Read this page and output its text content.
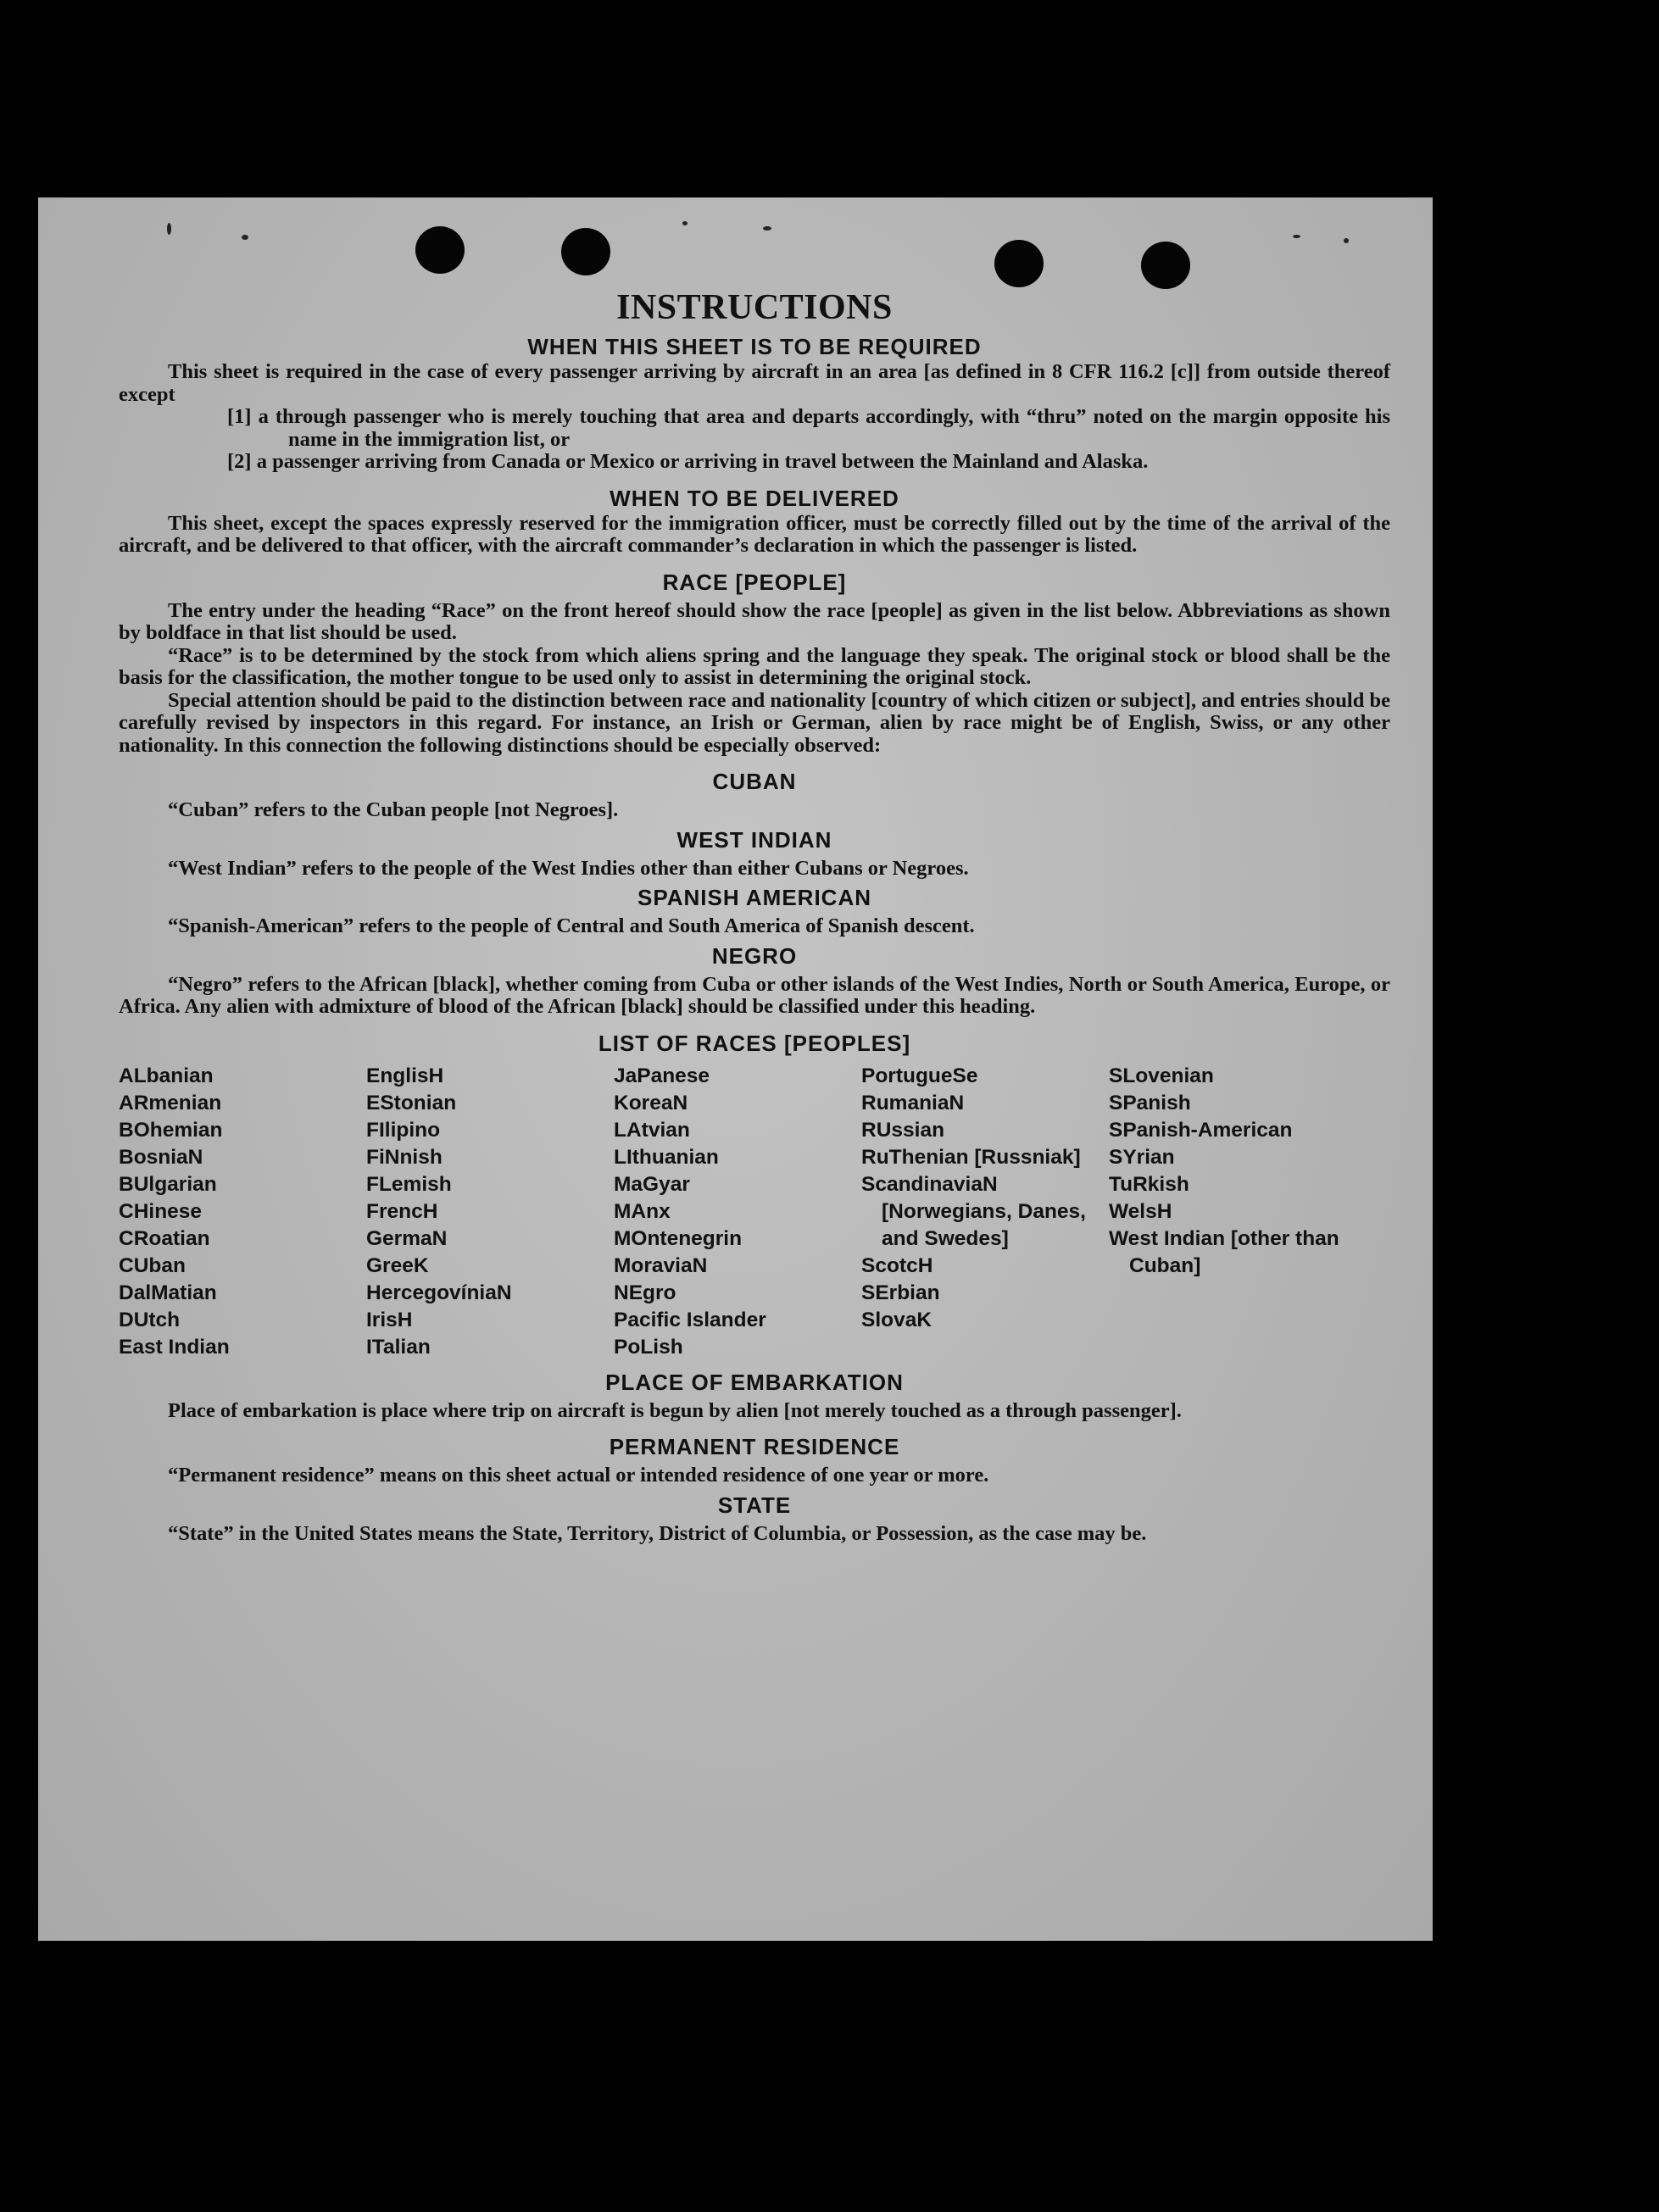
INSTRUCTIONS
WHEN THIS SHEET IS TO BE REQUIRED

This sheet is required in the case of every passenger arriving by aircraft in an area [as defined in 8 CFR 116.2 [c]] from outside thereof except

[1] a through passenger who is merely touching that area and departs accordingly, with “thru” noted on the margin opposite his name in the immigration list, or

[2] a passenger arriving from Canada or Mexico or arriving in travel between the Mainland and Alaska.

WHEN TO BE DELIVERED

This sheet, except the spaces expressly reserved for the immigration officer, must be correctly filled out by the time of the arrival of the aircraft, and be delivered to that officer, with the aircraft commander’s declaration in which the passenger is listed.

RACE [PEOPLE]

The entry under the heading “Race” on the front hereof should show the race [people] as given in the list below. Abbreviations as shown by boldface in that list should be used.

“Race” is to be determined by the stock from which aliens spring and the language they speak. The original stock or blood shall be the basis for the classification, the mother tongue to be used only to assist in determining the original stock.

Special attention should be paid to the distinction between race and nationality [country of which citizen or subject], and entries should be carefully revised by inspectors in this regard. For instance, an Irish or German, alien by race might be of English, Swiss, or any other nationality. In this connection the following distinctions should be especially observed:

CUBAN

“Cuban” refers to the Cuban people [not Negroes].

WEST INDIAN

“West Indian” refers to the people of the West Indies other than either Cubans or Negroes.

SPANISH AMERICAN

“Spanish-American” refers to the people of Central and South America of Spanish descent.

NEGRO

“Negro” refers to the African [black], whether coming from Cuba or other islands of the West Indies, North or South America, Europe, or Africa. Any alien with admixture of blood of the African [black] should be classified under this heading.

LIST OF RACES [PEOPLES]
ALbanian
ARmenian
BOhemian
BosniaN
BUlgarian
CHinese
CRoatian
CUban
DalMatian
DUtch
East Indian
EnglisH
EStonian
FIlipino
FiNnish
FLemish
FrencH
GermaN
GreeK
HercegovíniaN
IrisH
ITalian
JaPanese
KoreaN
LAtvian
LIthuanian
MaGyar
MAnx
MOntenegrin
MoraviaN
NEgro
Pacific Islander
PoLish
PortugueSe
RumaniaN
RUssian
RuThenian [Russniak]
ScandinaviaN [Norwegians, Danes, and Swedes]
ScotcH
SErbian
SlovaK
SLovenian
SPanish
SPanish-American
SYrian
TuRkish
WelsH
West Indian [other than Cuban]
PLACE OF EMBARKATION

Place of embarkation is place where trip on aircraft is begun by alien [not merely touched as a through passenger].

PERMANENT RESIDENCE

“Permanent residence” means on this sheet actual or intended residence of one year or more.

STATE

“State” in the United States means the State, Territory, District of Columbia, or Possession, as the case may be.
